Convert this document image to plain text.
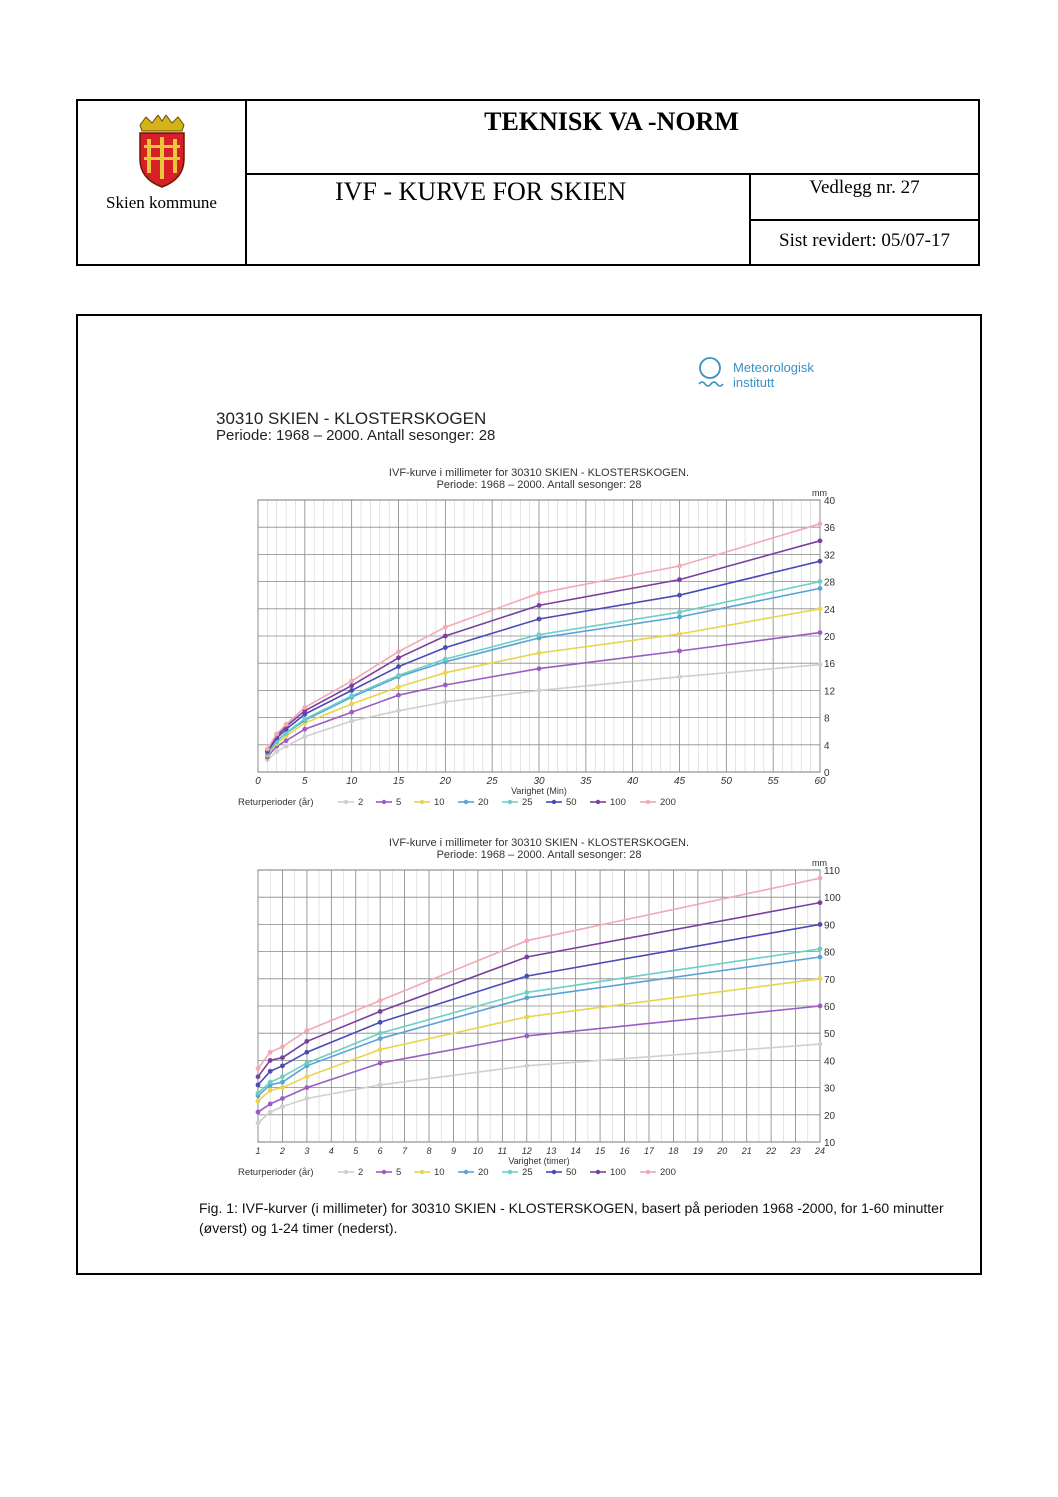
Skien kommune
TEKNISK VA -NORM
IVF - KURVE FOR SKIEN	Vedlegg nr. 27
Sist revidert: 05/07-17
Meteorologisk
institutt
30310 SKIEN - KLOSTERSKOGEN
Periode: 1968 – 2000. Antall sesonger: 28
IVF-kurve i millimeter for 30310 SKIEN - KLOSTERSKOGEN.
Periode: 1968 – 2000. Antall sesonger: 28
0	5	10	15	20	25	30	35	40	45	50	55	60
0
4
8
12
16
20
24
28
32
36
40
mm
Varighet (Min)
Returperioder (år)	2	5	10	20	25	50	100	200
IVF-kurve i millimeter for 30310 SKIEN - KLOSTERSKOGEN.
Periode: 1968 – 2000. Antall sesonger: 28
1 2 3 4 5 6 7 8 9 10 11 12 13 14 15 16 17 18 19 20 21 22 23 24
10
20
30
40
50
60
70
80
90
100
110
mm
Varighet (timer)
Returperioder (år)	2	5	10	20	25	50	100	200
Fig. 1: IVF-kurver (i millimeter) for 30310 SKIEN - KLOSTERSKOGEN, basert på perioden 1968 -2000, for 1-60 minutter (øverst) og 1-24 timer (nederst).
